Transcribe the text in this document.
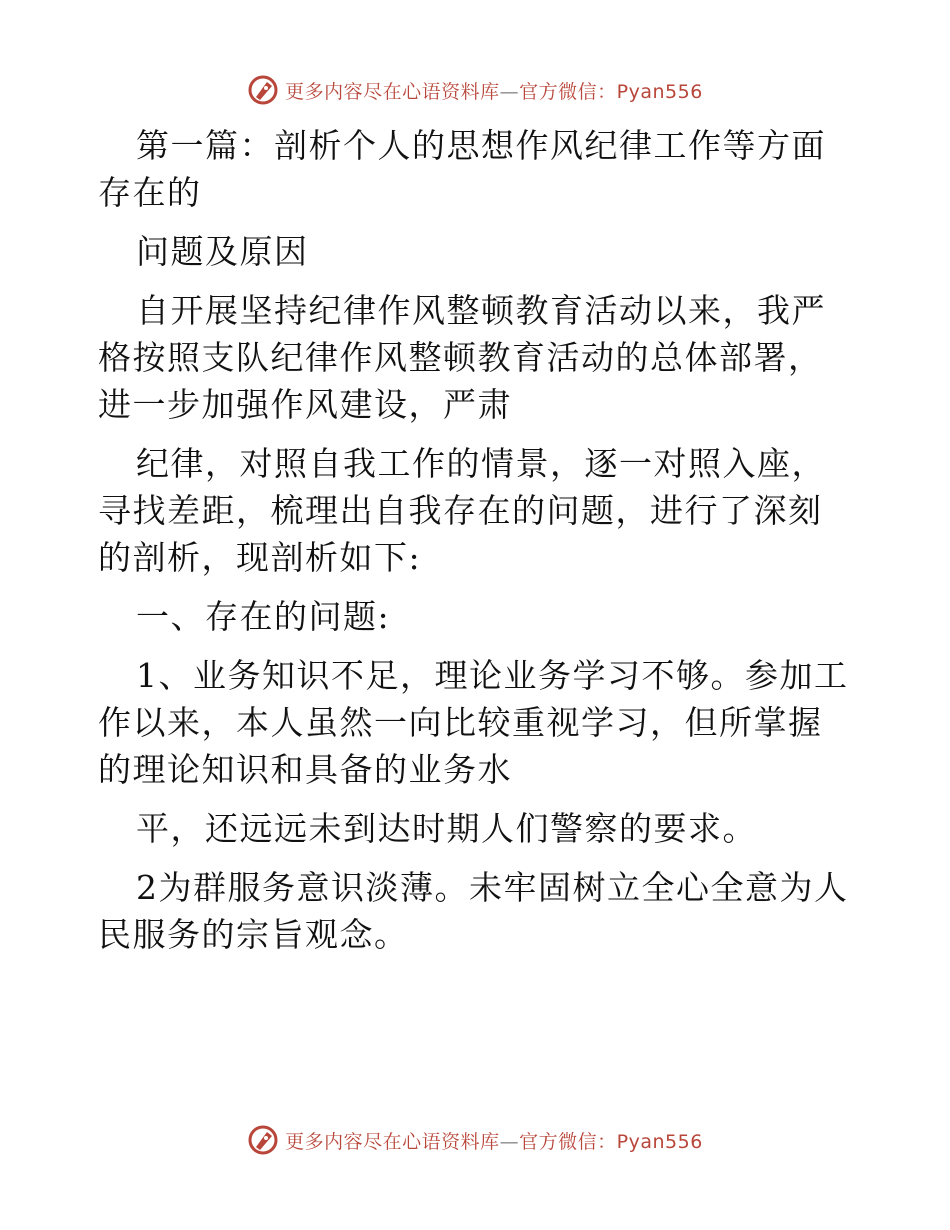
更多内容尽在心语资料库—官方微信：Pyan556

第一篇：剖析个人的思想作风纪律工作等方面存在的

问题及原因

自开展坚持纪律作风整顿教育活动以来，我严格按照支队纪律作风整顿教育活动的总体部署，进一步加强作风建设，严肃

纪律，对照自我工作的情景，逐一对照入座，寻找差距，梳理出自我存在的问题，进行了深刻的剖析，现剖析如下:

一、存在的问题:

1、业务知识不足，理论业务学习不够。参加工作以来，本人虽然一向比较重视学习，但所掌握的理论知识和具备的业务水

平，还远远未到达时期人们警察的要求。

2为群服务意识淡薄。未牢固树立全心全意为人民服务的宗旨观念。

更多内容尽在心语资料库—官方微信：Pyan556
